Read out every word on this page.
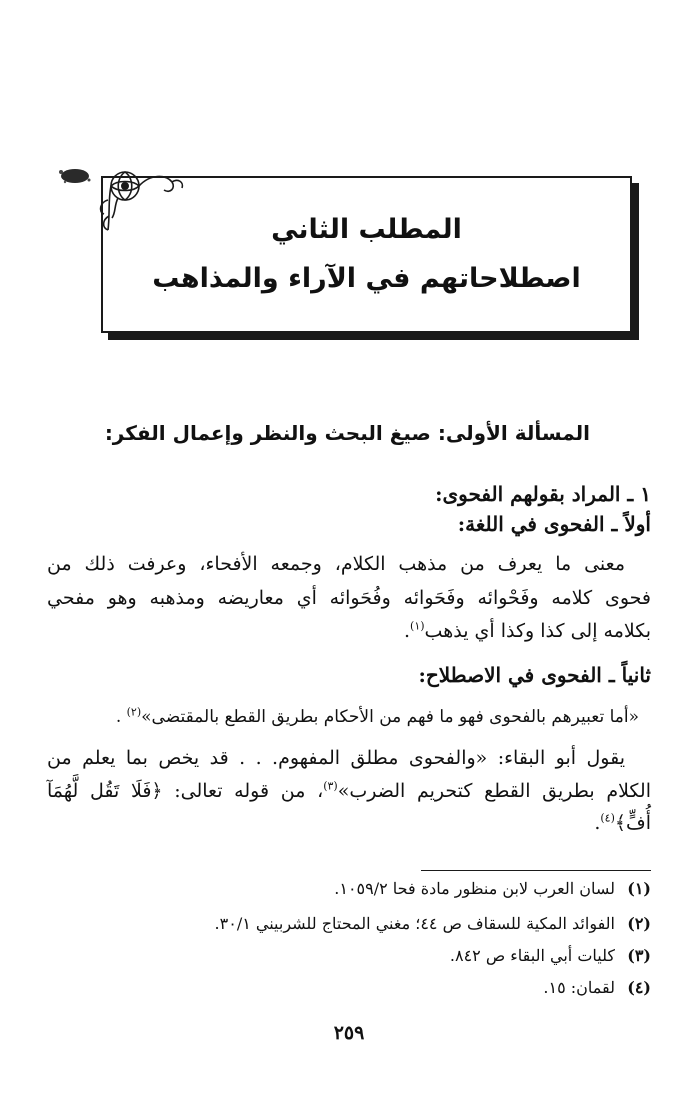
المطلب الثاني
اصطلاحاتهم في الآراء والمذاهب
المسألة الأولى: صيغ البحث والنظر وإعمال الفكر:
١ ـ المراد بقولهم الفحوى:
أولاً ـ الفحوى في اللغة:
معنى ما يعرف من مذهب الكلام، وجمعه الأفحاء، وعرفت ذلك من
فحوى كلامه وفَحْوائه وفَحَوائه وفُحَوائه أي معاريضه ومذهبه وهو مفحي
بكلامه إلى كذا وكذا أي يذهب$^{(١)}$.
ثانياً ـ الفحوى في الاصطلاح:
«أما تعبيرهم بالفحوى فهو ما فهم من الأحكام بطريق القطع بالمقتضى»$^{(٢)}$ .
يقول أبو البقاء: «والفحوى مطلق المفهوم. . . قد يخص بما يعلم من
الكلام بطريق القطع كتحريم الضرب»$^{(٣)}$، من قوله تعالى: ﴿فَلَا تَقُل لَّهُمَآ
أُفٍّ﴾$^{(٤)}$.
(١)لسان العرب لابن منظور مادة فحا ١٠٥٩/٢.
(٢)الفوائد المكية للسقاف ص ٤٤؛ مغني المحتاج للشربيني ٣٠/١.
(٣)كليات أبي البقاء ص ٨٤٢.
(٤)لقمان: ١٥.
٢٥٩
